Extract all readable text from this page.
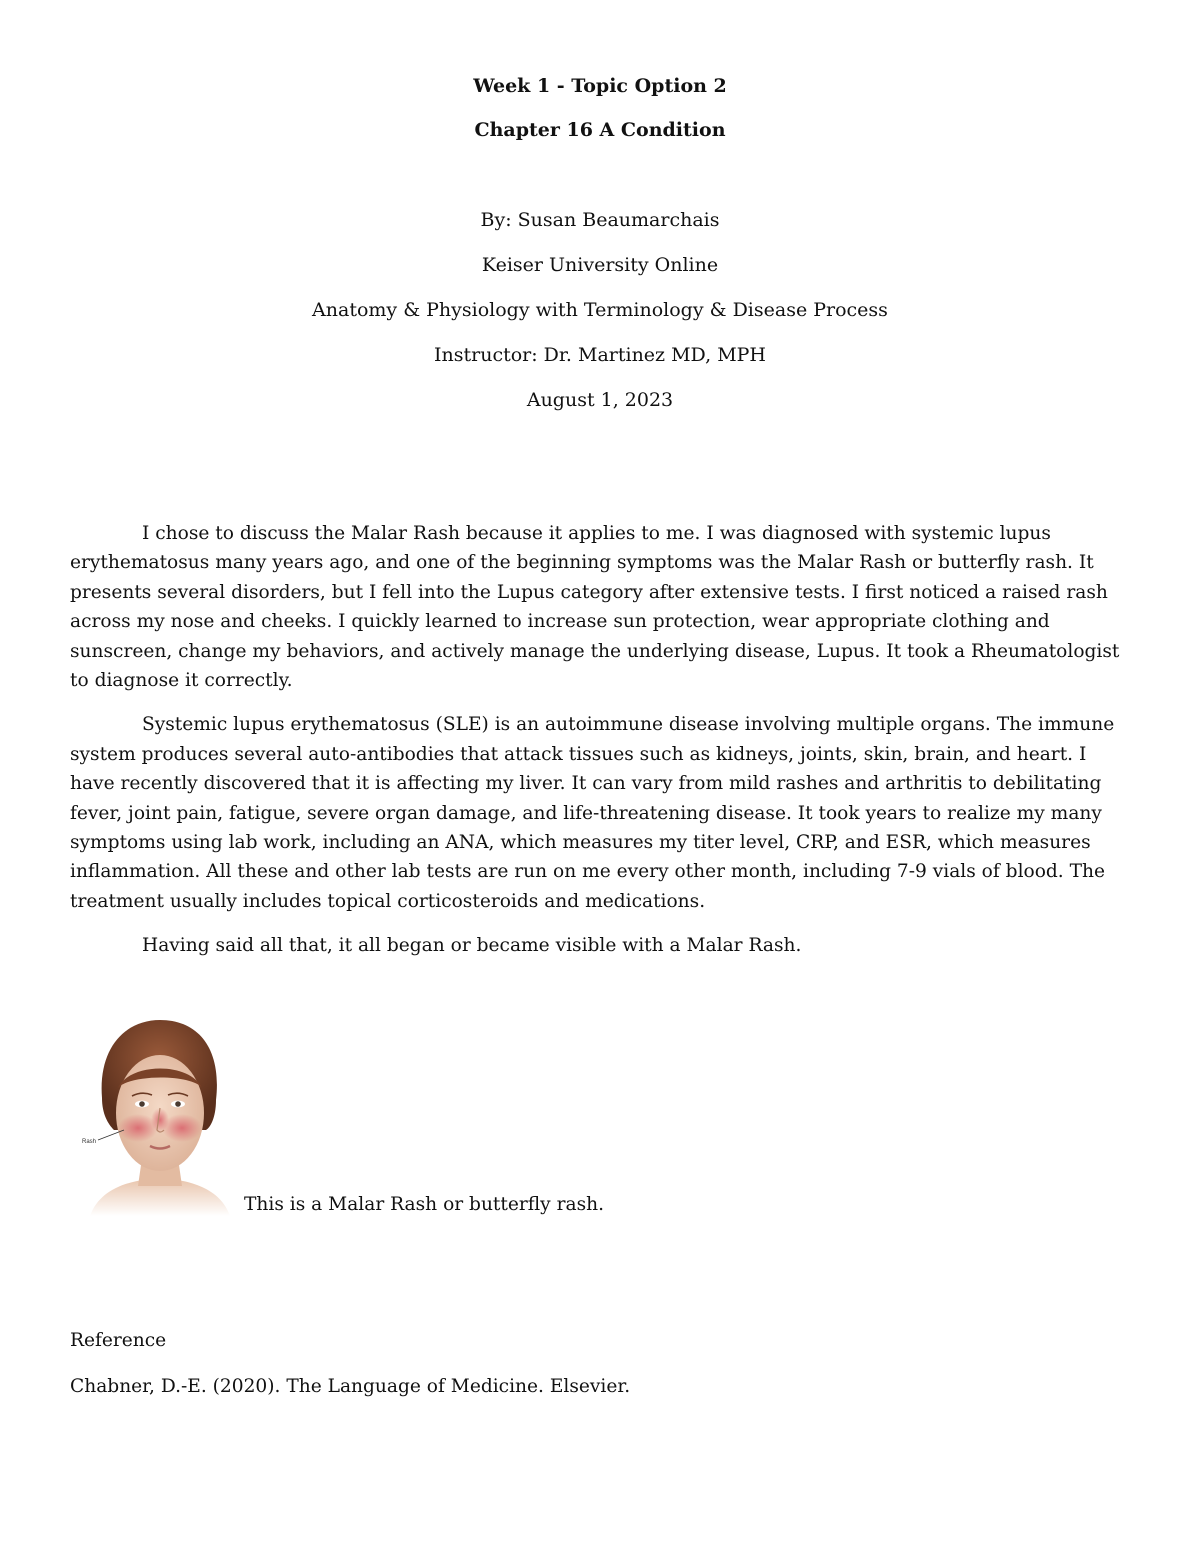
Week 1 - Topic Option 2
Chapter 16 A Condition
By: Susan Beaumarchais
Keiser University Online
Anatomy & Physiology with Terminology & Disease Process
Instructor: Dr. Martinez MD, MPH
August 1, 2023

I chose to discuss the Malar Rash because it applies to me. I was diagnosed with systemic lupus erythematosus many years ago, and one of the beginning symptoms was the Malar Rash or butterfly rash. It presents several disorders, but I fell into the Lupus category after extensive tests. I first noticed a raised rash across my nose and cheeks. I quickly learned to increase sun protection, wear appropriate clothing and sunscreen, change my behaviors, and actively manage the underlying disease, Lupus. It took a Rheumatologist to diagnose it correctly.

Systemic lupus erythematosus (SLE) is an autoimmune disease involving multiple organs. The immune system produces several auto-antibodies that attack tissues such as kidneys, joints, skin, brain, and heart. I have recently discovered that it is affecting my liver. It can vary from mild rashes and arthritis to debilitating fever, joint pain, fatigue, severe organ damage, and life-threatening disease. It took years to realize my many symptoms using lab work, including an ANA, which measures my titer level, CRP, and ESR, which measures inflammation. All these and other lab tests are run on me every other month, including 7-9 vials of blood. The treatment usually includes topical corticosteroids and medications.

Having said all that, it all began or became visible with a Malar Rash.

Rash
This is a Malar Rash or butterfly rash.
Reference
Chabner, D.-E. (2020). The Language of Medicine. Elsevier.
